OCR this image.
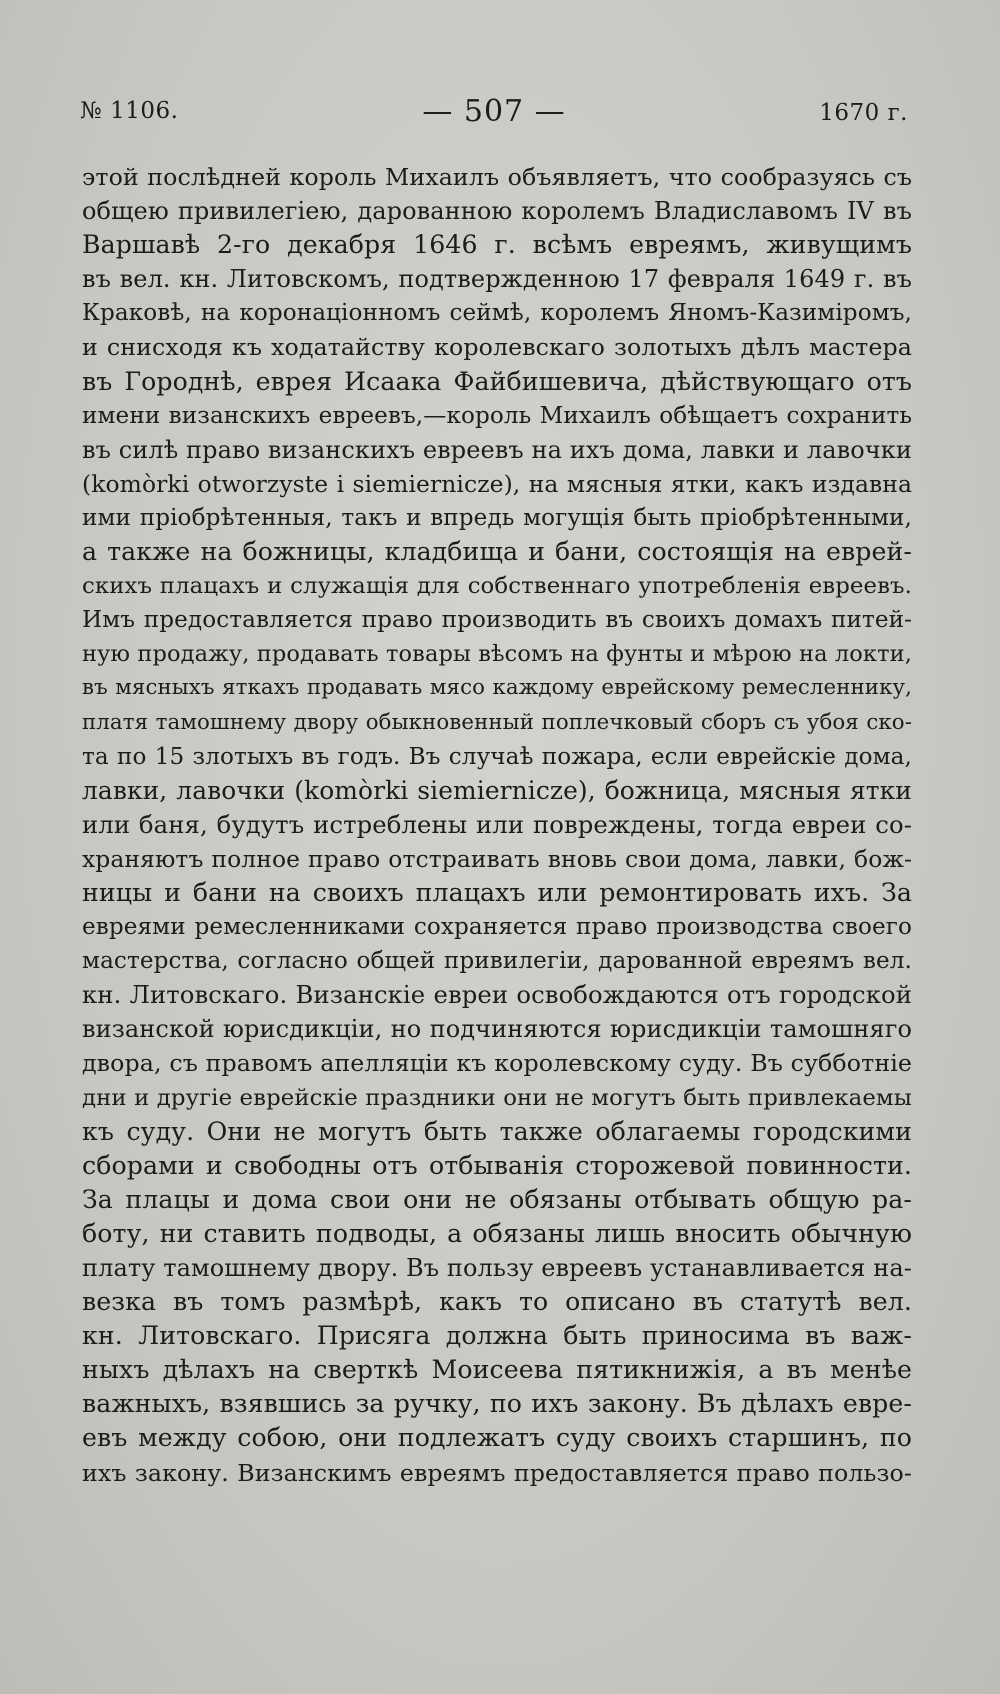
№ 1106.	— 507 —	1670 г.
этой послѣдней король Михаилъ объявляетъ, что сообразуясь съ
общею привилегіею, дарованною королемъ Владиславомъ IV въ
Варшавѣ 2-го декабря 1646 г. всѣмъ евреямъ, живущимъ
въ вел. кн. Литовскомъ, подтвержденною 17 февраля 1649 г. въ
Краковѣ, на коронаціонномъ сеймѣ, королемъ Яномъ-Казиміромъ,
и снисходя къ ходатайству королевскаго золотыхъ дѣлъ мастера
въ Городнѣ, еврея Исаака Файбишевича, дѣйствующаго отъ
имени визанскихъ евреевъ,—король Михаилъ обѣщаетъ сохранить
въ силѣ право визанскихъ евреевъ на ихъ дома, лавки и лавочки
(komòrki otworzyste i siemiernicze), на мясныя ятки, какъ издавна
ими пріобрѣтенныя, такъ и впредь могущія быть пріобрѣтенными,
а также на божницы, кладбища и бани, состоящія на еврей-
скихъ плацахъ и служащія для собственнаго употребленія евреевъ.
Имъ предоставляется право производить въ своихъ домахъ питей-
ную продажу, продавать товары вѣсомъ на фунты и мѣрою на локти,
въ мясныхъ яткахъ продавать мясо каждому еврейскому ремесленнику,
платя тамошнему двору обыкновенный поплечковый сборъ съ убоя ско-
та по 15 злотыхъ въ годъ. Въ случаѣ пожара, если еврейскіе дома,
лавки, лавочки (komòrki siemiernicze), божница, мясныя ятки
или баня, будутъ истреблены или повреждены, тогда евреи со-
храняютъ полное право отстраивать вновь свои дома, лавки, бож-
ницы и бани на своихъ плацахъ или ремонтировать ихъ. За
евреями ремесленниками сохраняется право производства своего
мастерства, согласно общей привилегіи, дарованной евреямъ вел.
кн. Литовскаго. Визанскіе евреи освобождаются отъ городской
визанской юрисдикціи, но подчиняются юрисдикціи тамошняго
двора, съ правомъ апелляціи къ королевскому суду. Въ субботніе
дни и другіе еврейскіе праздники они не могутъ быть привлекаемы
къ суду. Они не могутъ быть также облагаемы городскими
сборами и свободны отъ отбыванія сторожевой повинности.
За плацы и дома свои они не обязаны отбывать общую ра-
боту, ни ставить подводы, а обязаны лишь вносить обычную
плату тамошнему двору. Въ пользу евреевъ устанавливается на-
везка въ томъ размѣрѣ, какъ то описано въ статутѣ вел.
кн. Литовскаго. Присяга должна быть приносима въ важ-
ныхъ дѣлахъ на сверткѣ Моисеева пятикнижія, а въ менѣе
важныхъ, взявшись за ручку, по ихъ закону. Въ дѣлахъ евре-
евъ между собою, они подлежатъ суду своихъ старшинъ, по
ихъ закону. Визанскимъ евреямъ предоставляется право пользо-
